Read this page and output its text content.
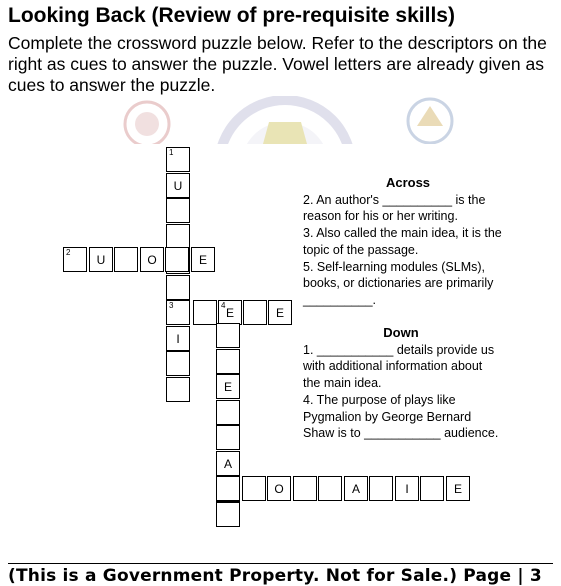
Looking Back (Review of pre-requisite skills)

Complete the crossword puzzle below. Refer to the descriptors on the right as cues to answer the puzzle. Vowel letters are already given as cues to answer the puzzle.

1
U
3
I
2
U	O	E
4
E	E
E
A
O	A	I	E
Across

2. An author's __________ is the reason for his or her writing.

3. Also called the main idea, it is the topic of the passage.

5. Self-learning modules (SLMs), books, or dictionaries are primarily __________.

Down

1. ___________ details provide us with additional information about the main idea.

4. The purpose of plays like Pygmalion by George Bernard Shaw is to ___________ audience.

(This is a Government Property. Not for Sale.) Page | 3
